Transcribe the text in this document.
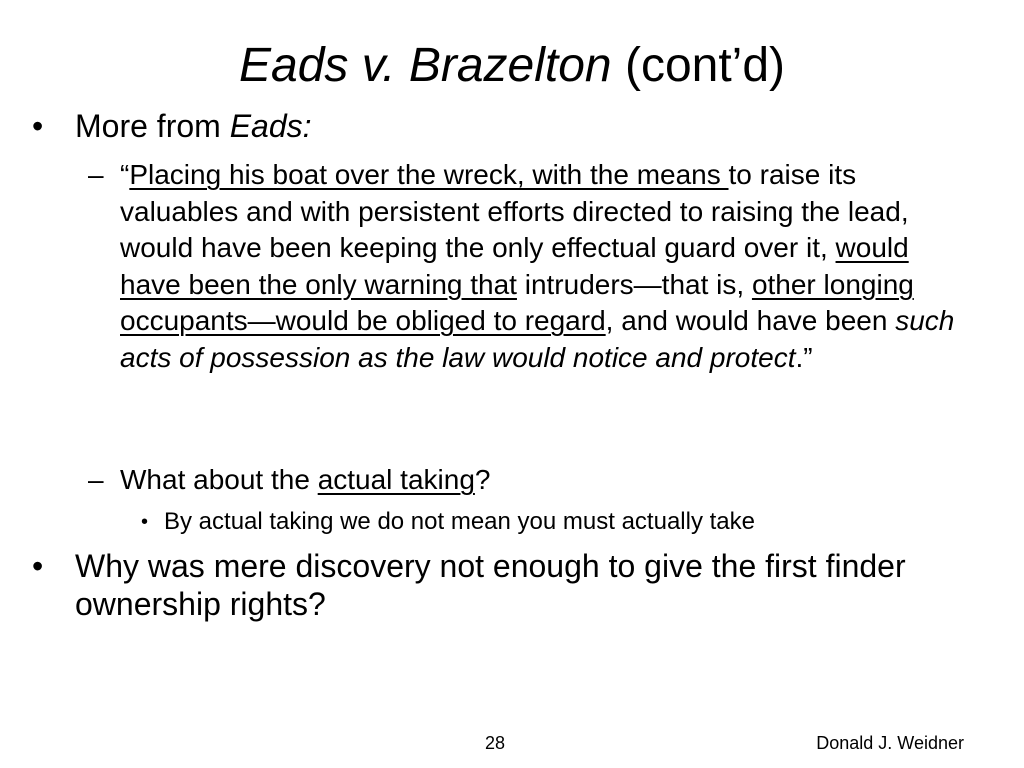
Eads v. Brazelton (cont’d)
• More from Eads:
– “Placing his boat over the wreck, with the means to raise its valuables and with persistent efforts directed to raising the lead, would have been keeping the only effectual guard over it, would have been the only warning that intruders—that is, other longing occupants—would be obliged to regard, and would have been such acts of possession as the law would notice and protect.”
– What about the actual taking?
• By actual taking we do not mean you must actually take
• Why was mere discovery not enough to give the first finder ownership rights?
28	Donald J. Weidner
